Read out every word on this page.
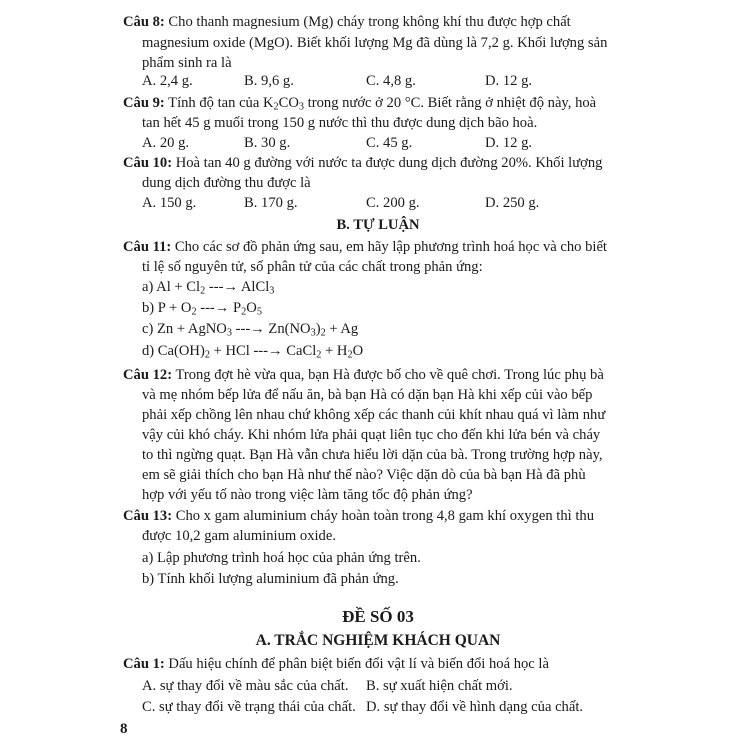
Câu 8: Cho thanh magnesium (Mg) cháy trong không khí thu được hợp chất
magnesium oxide (MgO). Biết khối lượng Mg đã dùng là 7,2 g. Khối lượng sản
phẩm sinh ra là
A. 2,4 g.	B. 9,6 g.	C. 4,8 g.	D. 12 g.
Câu 9: Tính độ tan của $K_2CO_3$ trong nước ở 20 °C. Biết rằng ở nhiệt độ này, hoà
tan hết 45 g muối trong 150 g nước thì thu được dung dịch bão hoà.
A. 20 g.	B. 30 g.	C. 45 g.	D. 12 g.
Câu 10: Hoà tan 40 g đường với nước ta được dung dịch đường 20%. Khối lượng
dung dịch đường thu được là
A. 150 g.	B. 170 g.	C. 200 g.	D. 250 g.
B. TỰ LUẬN
Câu 11: Cho các sơ đồ phản ứng sau, em hãy lập phương trình hoá học và cho biết
tỉ lệ số nguyên tử, số phân tử của các chất trong phản ứng:
a) $Al + Cl_2$ ---→ AlCl$_3$
b) $P + O_2$ ---→ $P_2O_5$
c) Zn + AgNO$_3$ ---→ $Zn(NO_3)_2 + Ag$
d) $Ca(OH)_2$ + HCl ---→ CaCl$_2$ + $H_2O$
Câu 12: Trong đợt hè vừa qua, bạn Hà được bố cho về quê chơi. Trong lúc phụ bà
và mẹ nhóm bếp lửa để nấu ăn, bà bạn Hà có dặn bạn Hà khi xếp củi vào bếp
phải xếp chồng lên nhau chứ không xếp các thanh củi khít nhau quá vì làm như
vậy củi khó cháy. Khi nhóm lửa phải quạt liên tục cho đến khi lửa bén và cháy
to thì ngừng quạt. Bạn Hà vẫn chưa hiểu lời dặn của bà. Trong trường hợp này,
em sẽ giải thích cho bạn Hà như thế nào? Việc dặn dò của bà bạn Hà đã phù
hợp với yếu tố nào trong việc làm tăng tốc độ phản ứng?
Câu 13: Cho x gam aluminium cháy hoàn toàn trong 4,8 gam khí oxygen thì thu
được 10,2 gam aluminium oxide.
a) Lập phương trình hoá học của phản ứng trên.
b) Tính khối lượng aluminium đã phản ứng.
ĐỀ SỐ 03
A. TRẮC NGHIỆM KHÁCH QUAN
Câu 1: Dấu hiệu chính để phân biệt biến đổi vật lí và biến đổi hoá học là
A. sự thay đổi về màu sắc của chất. B. sự xuất hiện chất mới.
C. sự thay đổi về trạng thái của chất. D. sự thay đổi về hình dạng của chất.
8
